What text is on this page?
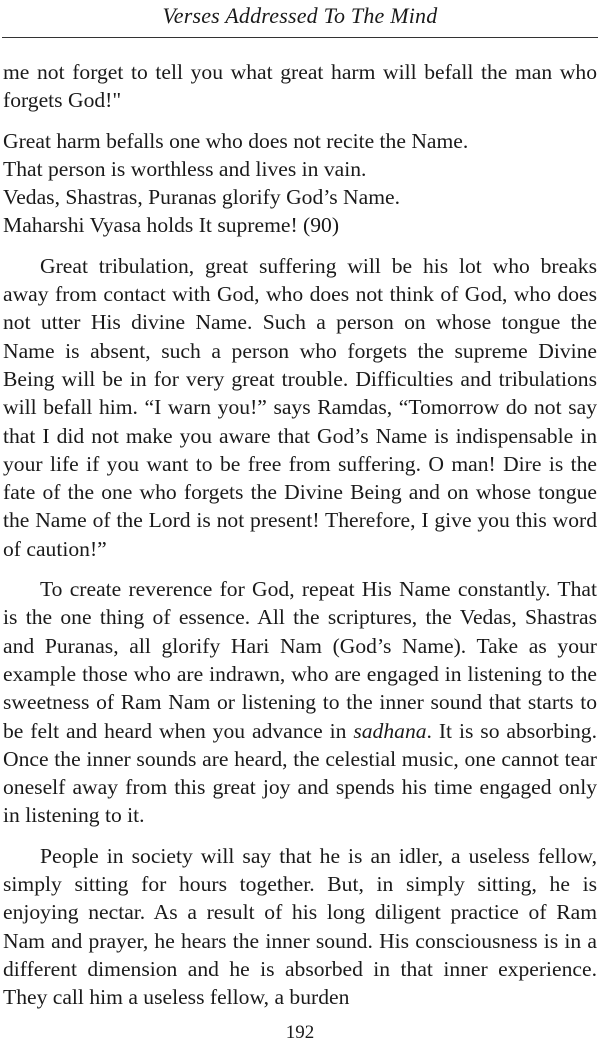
Verses Addressed To The Mind

me not forget to tell you what great harm will befall the man who forgets God!"

Great harm befalls one who does not recite the Name.
That person is worthless and lives in vain.
Vedas, Shastras, Puranas glorify God’s Name.
Maharshi Vyasa holds It supreme! (90)

Great tribulation, great suffering will be his lot who breaks away from contact with God, who does not think of God, who does not utter His divine Name. Such a person on whose tongue the Name is absent, such a person who forgets the supreme Divine Being will be in for very great trouble. Difficulties and tribulations will befall him. “I warn you!” says Ramdas, “Tomorrow do not say that I did not make you aware that God’s Name is indispensable in your life if you want to be free from suffering. O man! Dire is the fate of the one who forgets the Divine Being and on whose tongue the Name of the Lord is not present! Therefore, I give you this word of caution!”

To create reverence for God, repeat His Name constantly. That is the one thing of essence. All the scriptures, the Vedas, Shastras and Puranas, all glorify Hari Nam (God’s Name). Take as your example those who are indrawn, who are engaged in listening to the sweetness of Ram Nam or listening to the inner sound that starts to be felt and heard when you advance in sadhana. It is so absorbing. Once the inner sounds are heard, the celestial music, one cannot tear oneself away from this great joy and spends his time engaged only in listening to it.

People in society will say that he is an idler, a useless fellow, simply sitting for hours together. But, in simply sitting, he is enjoying nectar. As a result of his long diligent practice of Ram Nam and prayer, he hears the inner sound. His consciousness is in a different dimension and he is absorbed in that inner experience. They call him a useless fellow, a burden

192
